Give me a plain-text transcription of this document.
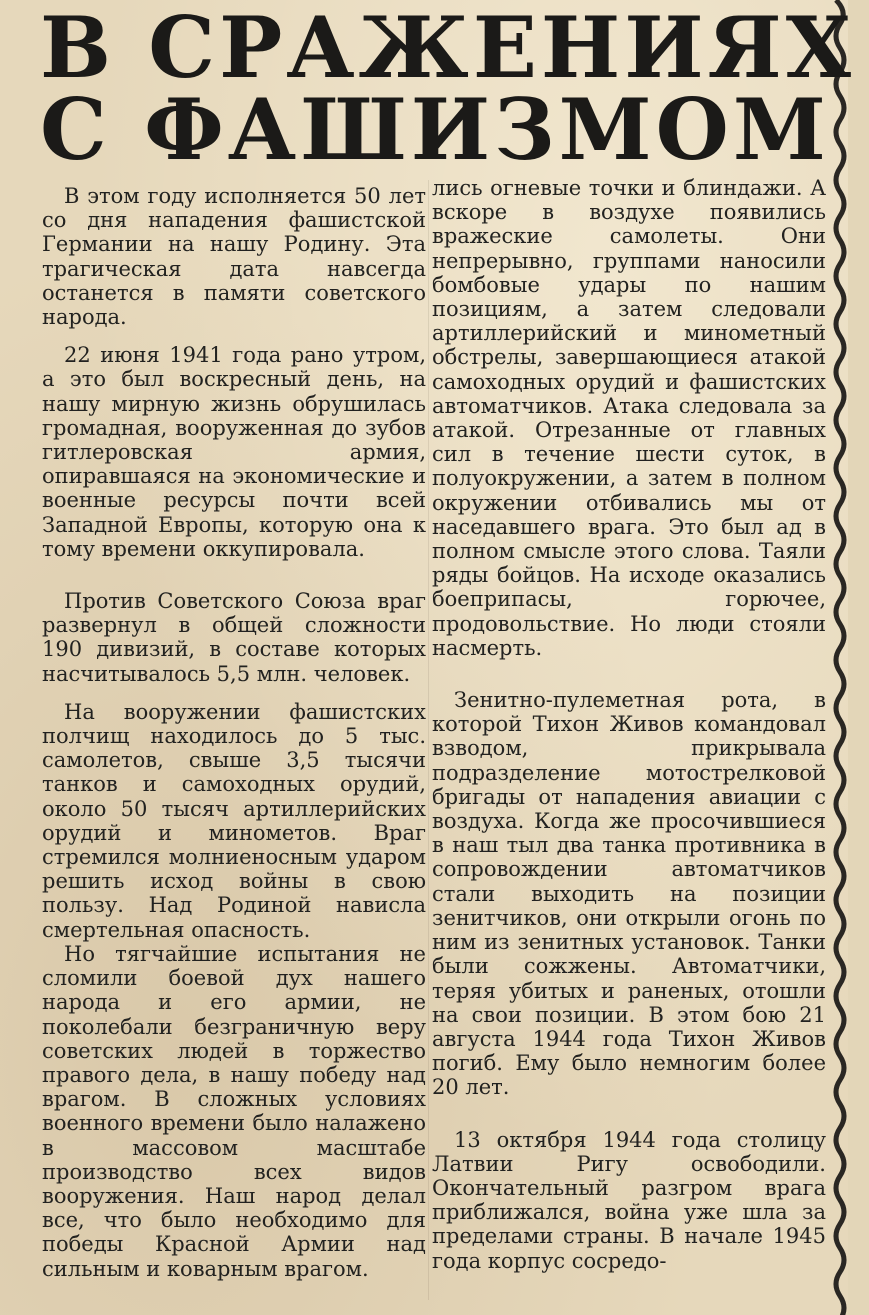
В СРАЖЕНИЯХ
С ФАШИЗМОМ

В этом году исполняется 50 лет со дня нападения фашистской Германии на нашу Родину. Эта трагическая дата навсегда останется в памяти советского народа.

22 июня 1941 года рано утром, а это был воскресный день, на нашу мирную жизнь обрушилась громадная, вооруженная до зубов гитлеровская армия, опиравшаяся на экономические и военные ресурсы почти всей Западной Европы, которую она к тому времени оккупировала.

Против Советского Союза враг развернул в общей сложности 190 дивизий, в составе которых насчитывалось 5,5 млн. человек.

На вооружении фашистских полчищ находилось до 5 тыс. самолетов, свыше 3,5 тысячи танков и самоходных орудий, около 50 тысяч артиллерийских орудий и минометов. Враг стремился молниеносным ударом решить исход войны в свою пользу. Над Родиной нависла смертельная опасность.

Но тягчайшие испытания не сломили боевой дух нашего народа и его армии, не поколебали безграничную веру советских людей в торжество правого дела, в нашу победу над врагом. В сложных условиях военного времени было налажено в массовом масштабе производство всех видов вооружения. Наш народ делал все, что было необходимо для победы Красной Армии над сильным и коварным врагом.

лись огневые точки и блиндажи. А вскоре в воздухе появились вражеские самолеты. Они непрерывно, группами наносили бомбовые удары по нашим позициям, а затем следовали артиллерийский и минометный обстрелы, завершающиеся атакой самоходных орудий и фашистских автоматчиков. Атака следовала за атакой. Отрезанные от главных сил в течение шести суток, в полуокружении, а затем в полном окружении отбивались мы от наседавшего врага. Это был ад в полном смысле этого слова. Таяли ряды бойцов. На исходе оказались боеприпасы, горючее, продовольствие. Но люди стояли насмерть.

Зенитно-пулеметная рота, в которой Тихон Живов командовал взводом, прикрывала подразделение мотострелковой бригады от нападения авиации с воздуха. Когда же просочившиеся в наш тыл два танка противника в сопровождении автоматчиков стали выходить на позиции зенитчиков, они открыли огонь по ним из зенитных установок. Танки были сожжены. Автоматчики, теряя убитых и раненых, отошли на свои позиции. В этом бою 21 августа 1944 года Тихон Живов погиб. Ему было немногим более 20 лет.

13 октября 1944 года столицу Латвии Ригу освободили. Окончательный разгром врага приближался, война уже шла за пределами страны. В начале 1945 года корпус сосредо-
